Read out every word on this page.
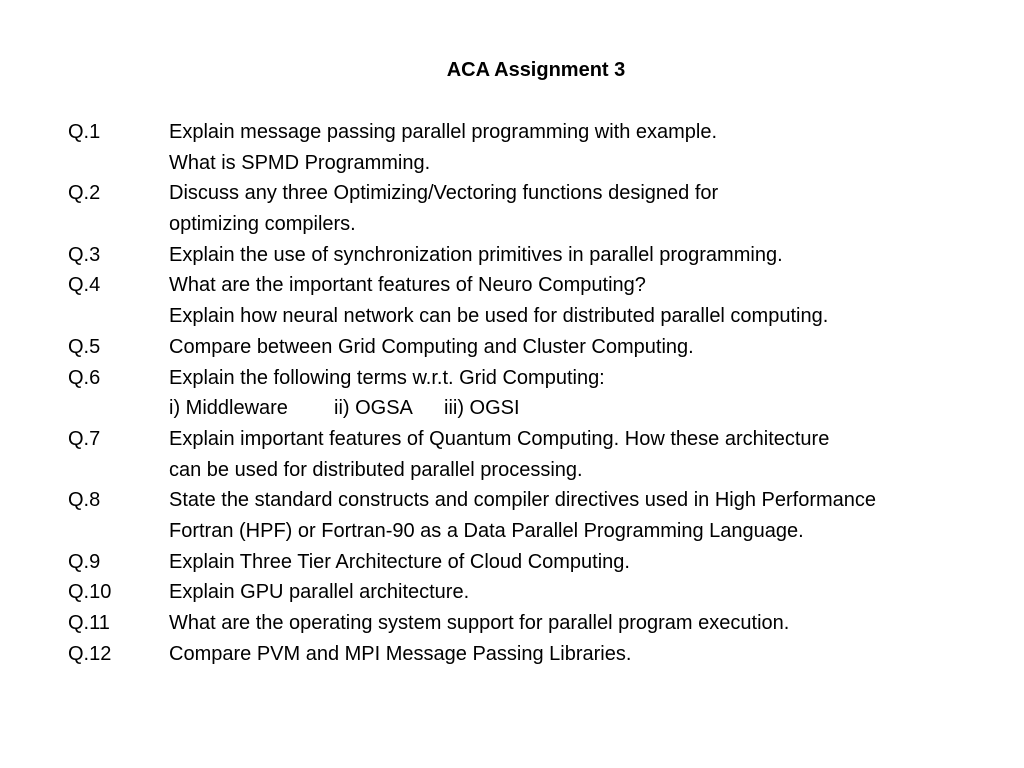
ACA Assignment 3
Q.1	Explain message passing parallel programming with example.
What is SPMD Programming.
Q.2	Discuss any three Optimizing/Vectoring functions designed for
optimizing compilers.
Q.3	Explain the use of synchronization primitives in parallel programming.
Q.4	What are the important features of Neuro Computing?
Explain how neural network can be used for distributed parallel computing.
Q.5	Compare between Grid Computing and Cluster Computing.
Q.6	Explain the following terms w.r.t. Grid Computing:
i) Middleware ii) OGSA iii) OGSI
Q.7	Explain important features of Quantum Computing. How these architecture
can be used for distributed parallel processing.
Q.8	State the standard constructs and compiler directives used in High Performance
Fortran (HPF) or Fortran-90 as a Data Parallel Programming Language.
Q.9	Explain Three Tier Architecture of Cloud Computing.
Q.10	Explain GPU parallel architecture.
Q.11	What are the operating system support for parallel program execution.
Q.12	Compare PVM and MPI Message Passing Libraries.
